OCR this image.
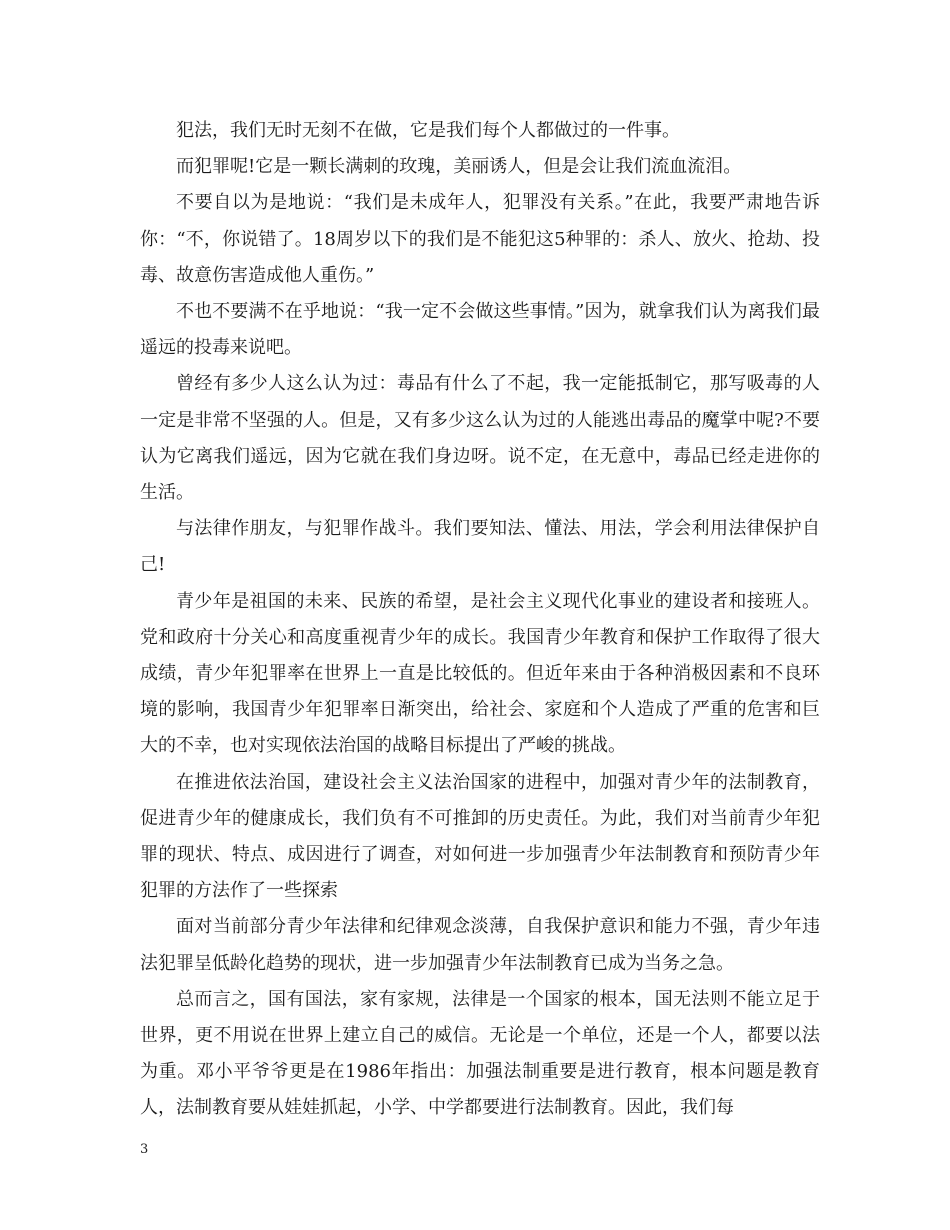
犯法，我们无时无刻不在做，它是我们每个人都做过的一件事。

而犯罪呢!它是一颗长满刺的玫瑰，美丽诱人，但是会让我们流血流泪。

不要自以为是地说：“我们是未成年人，犯罪没有关系。”在此，我要严肃地告诉你：“不，你说错了。18周岁以下的我们是不能犯这5种罪的：杀人、放火、抢劫、投毒、故意伤害造成他人重伤。”

不也不要满不在乎地说：“我一定不会做这些事情。”因为，就拿我们认为离我们最遥远的投毒来说吧。

曾经有多少人这么认为过：毒品有什么了不起，我一定能抵制它，那写吸毒的人一定是非常不坚强的人。但是，又有多少这么认为过的人能逃出毒品的魔掌中呢?不要认为它离我们遥远，因为它就在我们身边呀。说不定，在无意中，毒品已经走进你的生活。

与法律作朋友，与犯罪作战斗。我们要知法、懂法、用法，学会利用法律保护自己!

青少年是祖国的未来、民族的希望，是社会主义现代化事业的建设者和接班人。党和政府十分关心和高度重视青少年的成长。我国青少年教育和保护工作取得了很大成绩，青少年犯罪率在世界上一直是比较低的。但近年来由于各种消极因素和不良环境的影响，我国青少年犯罪率日渐突出，给社会、家庭和个人造成了严重的危害和巨大的不幸，也对实现依法治国的战略目标提出了严峻的挑战。

在推进依法治国，建设社会主义法治国家的进程中，加强对青少年的法制教育，促进青少年的健康成长，我们负有不可推卸的历史责任。为此，我们对当前青少年犯罪的现状、特点、成因进行了调查，对如何进一步加强青少年法制教育和预防青少年犯罪的方法作了一些探索

面对当前部分青少年法律和纪律观念淡薄，自我保护意识和能力不强，青少年违法犯罪呈低龄化趋势的现状，进一步加强青少年法制教育已成为当务之急。

总而言之，国有国法，家有家规，法律是一个国家的根本，国无法则不能立足于世界，更不用说在世界上建立自己的威信。无论是一个单位，还是一个人，都要以法为重。邓小平爷爷更是在1986年指出：加强法制重要是进行教育，根本问题是教育人，法制教育要从娃娃抓起，小学、中学都要进行法制教育。因此，我们每

3
